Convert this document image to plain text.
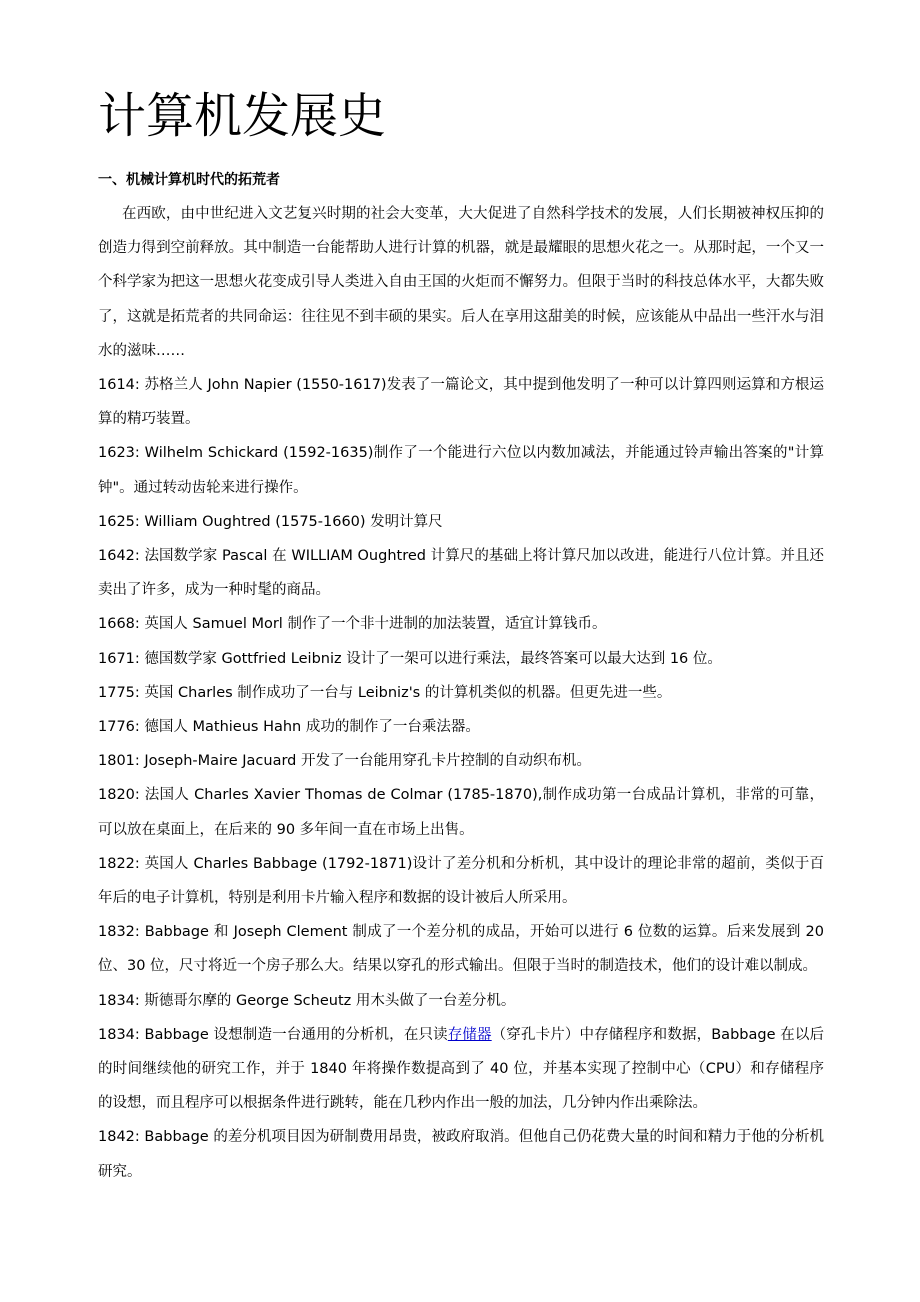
计算机发展史
一、机械计算机时代的拓荒者

在西欧，由中世纪进入文艺复兴时期的社会大变革，大大促进了自然科学技术的发展，人们长期被神权压抑的创造力得到空前释放。其中制造一台能帮助人进行计算的机器，就是最耀眼的思想火花之一。从那时起，一个又一个科学家为把这一思想火花变成引导人类进入自由王国的火炬而不懈努力。但限于当时的科技总体水平，大都失败了，这就是拓荒者的共同命运：往往见不到丰硕的果实。后人在享用这甜美的时候，应该能从中品出一些汗水与泪水的滋味……

1614: 苏格兰人 John Napier (1550-1617)发表了一篇论文，其中提到他发明了一种可以计算四则运算和方根运算的精巧装置。

1623: Wilhelm Schickard (1592-1635)制作了一个能进行六位以内数加减法，并能通过铃声输出答案的"计算钟"。通过转动齿轮来进行操作。

1625: William Oughtred (1575-1660) 发明计算尺

1642: 法国数学家 Pascal 在 WILLIAM Oughtred 计算尺的基础上将计算尺加以改进，能进行八位计算。并且还卖出了许多，成为一种时髦的商品。

1668: 英国人 Samuel Morl 制作了一个非十进制的加法装置，适宜计算钱币。

1671: 德国数学家 Gottfried Leibniz 设计了一架可以进行乘法，最终答案可以最大达到 16 位。

1775: 英国 Charles 制作成功了一台与 Leibniz's 的计算机类似的机器。但更先进一些。

1776: 德国人 Mathieus Hahn 成功的制作了一台乘法器。

1801: Joseph-Maire Jacuard 开发了一台能用穿孔卡片控制的自动织布机。

1820: 法国人 Charles Xavier Thomas de Colmar (1785-1870),制作成功第一台成品计算机，非常的可靠，可以放在桌面上，在后来的 90 多年间一直在市场上出售。

1822: 英国人 Charles Babbage (1792-1871)设计了差分机和分析机，其中设计的理论非常的超前，类似于百年后的电子计算机，特别是利用卡片输入程序和数据的设计被后人所采用。

1832: Babbage 和 Joseph Clement 制成了一个差分机的成品，开始可以进行 6 位数的运算。后来发展到 20 位、30 位，尺寸将近一个房子那么大。结果以穿孔的形式输出。但限于当时的制造技术，他们的设计难以制成。

1834: 斯德哥尔摩的 George Scheutz 用木头做了一台差分机。

1834: Babbage 设想制造一台通用的分析机，在只读存储器（穿孔卡片）中存储程序和数据，Babbage 在以后的时间继续他的研究工作，并于 1840 年将操作数提高到了 40 位，并基本实现了控制中心（CPU）和存储程序的设想，而且程序可以根据条件进行跳转，能在几秒内作出一般的加法，几分钟内作出乘除法。

1842: Babbage 的差分机项目因为研制费用昂贵，被政府取消。但他自己仍花费大量的时间和精力于他的分析机研究。
